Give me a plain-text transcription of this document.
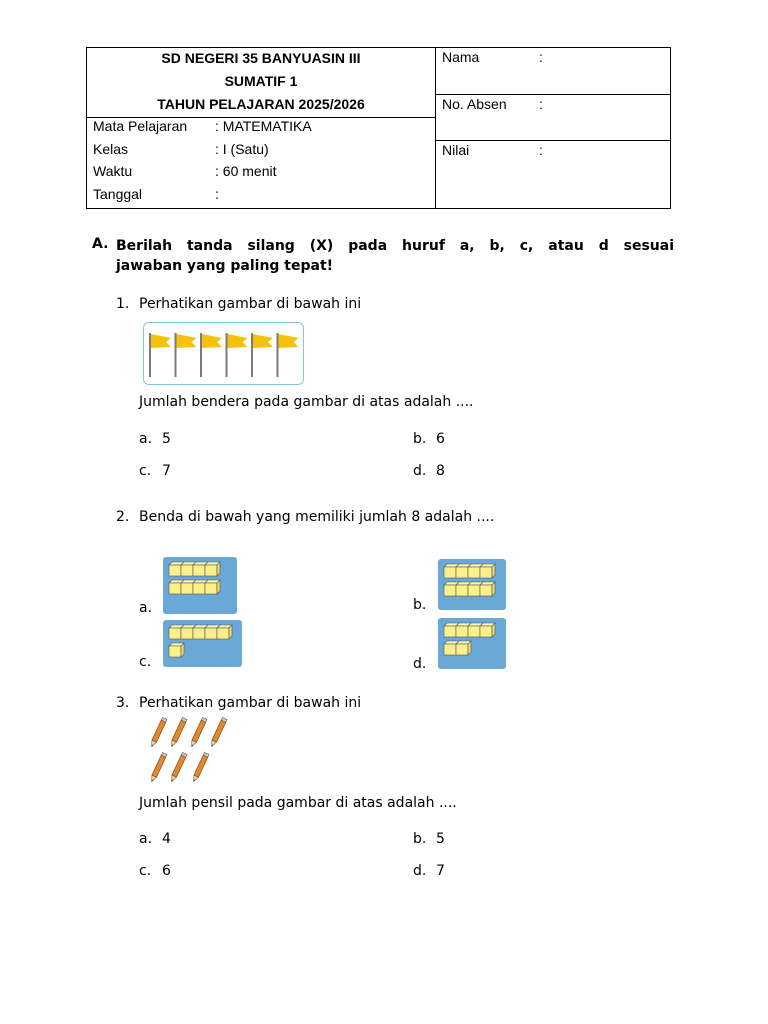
SD NEGERI 35 BANYUASIN III
SUMATIF 1
TAHUN PELAJARAN 2025/2026
Mata Pelajaran : MATEMATIKA
Kelas	: I (Satu)
Waktu	: 60 menit
Tanggal	:
Nama	:
No. Absen :
Nilai	:
A. Berilah tanda silang (X) pada huruf a, b, c, atau d sesuai
jawaban yang paling tepat!
1. Perhatikan gambar di bawah ini
Jumlah bendera pada gambar di atas adalah ....
a. 5	b. 6
c. 7	d. 8
2. Benda di bawah yang memiliki jumlah 8 adalah ....
a.	b.
c.	d.
3. Perhatikan gambar di bawah ini
Jumlah pensil pada gambar di atas adalah ....
a. 4	b. 5
c. 6	d. 7
